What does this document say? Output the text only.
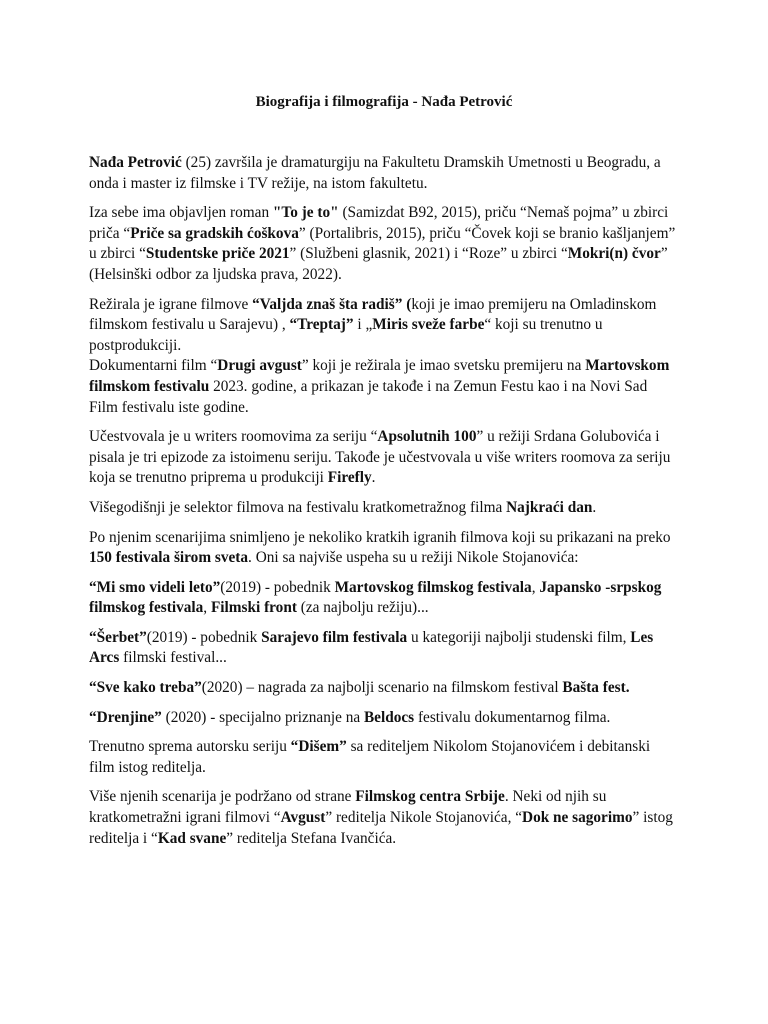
Biografija i filmografija - Nađa Petrović

Nađa Petrović (25) završila je dramaturgiju na Fakultetu Dramskih Umetnosti u Beogradu, a onda i master iz filmske i TV režije, na istom fakultetu.

Iza sebe ima objavljen roman "To je to" (Samizdat B92, 2015), priču “Nemaš pojma” u zbirci priča “Priče sa gradskih ćoškova” (Portalibris, 2015), priču “Čovek koji se branio kašljanjem” u zbirci “Studentske priče 2021” (Službeni glasnik, 2021) i “Roze” u zbirci “Mokri(n) čvor” (Helsinški odbor za ljudska prava, 2022).

Režirala je igrane filmove “Valjda znaš šta radiš” (koji je imao premijeru na Omladinskom filmskom festivalu u Sarajevu) , “Treptaj” i „Miris sveže farbe“ koji su trenutno u postprodukciji.

Dokumentarni film “Drugi avgust” koji je režirala je imao svetsku premijeru na Martovskom filmskom festivalu 2023. godine, a prikazan je takođe i na Zemun Festu kao i na Novi Sad Film festivalu iste godine.

Učestvovala je u writers roomovima za seriju “Apsolutnih 100” u režiji Srdana Golubovića i pisala je tri epizode za istoimenu seriju. Takođe je učestvovala u više writers roomova za seriju koja se trenutno priprema u produkciji Firefly.

Višegodišnji je selektor filmova na festivalu kratkometražnog filma Najkraći dan.

Po njenim scenarijima snimljeno je nekoliko kratkih igranih filmova koji su prikazani na preko 150 festivala širom sveta. Oni sa najviše uspeha su u režiji Nikole Stojanovića:

“Mi smo videli leto”(2019) - pobednik Martovskog filmskog festivala, Japansko -srpskog filmskog festivala, Filmski front (za najbolju režiju)...

“Šerbet”(2019) - pobednik Sarajevo film festivala u kategoriji najbolji studenski film, Les Arcs filmski festival...

“Sve kako treba”(2020) – nagrada za najbolji scenario na filmskom festival Bašta fest.

“Drenjine” (2020) - specijalno priznanje na Beldocs festivalu dokumentarnog filma.

Trenutno sprema autorsku seriju “Dišem” sa rediteljem Nikolom Stojanovićem i debitanski film istog reditelja.

Više njenih scenarija je podržano od strane Filmskog centra Srbije. Neki od njih su kratkometražni igrani filmovi “Avgust” reditelja Nikole Stojanovića, “Dok ne sagorimo” istog reditelja i “Kad svane” reditelja Stefana Ivančića.
